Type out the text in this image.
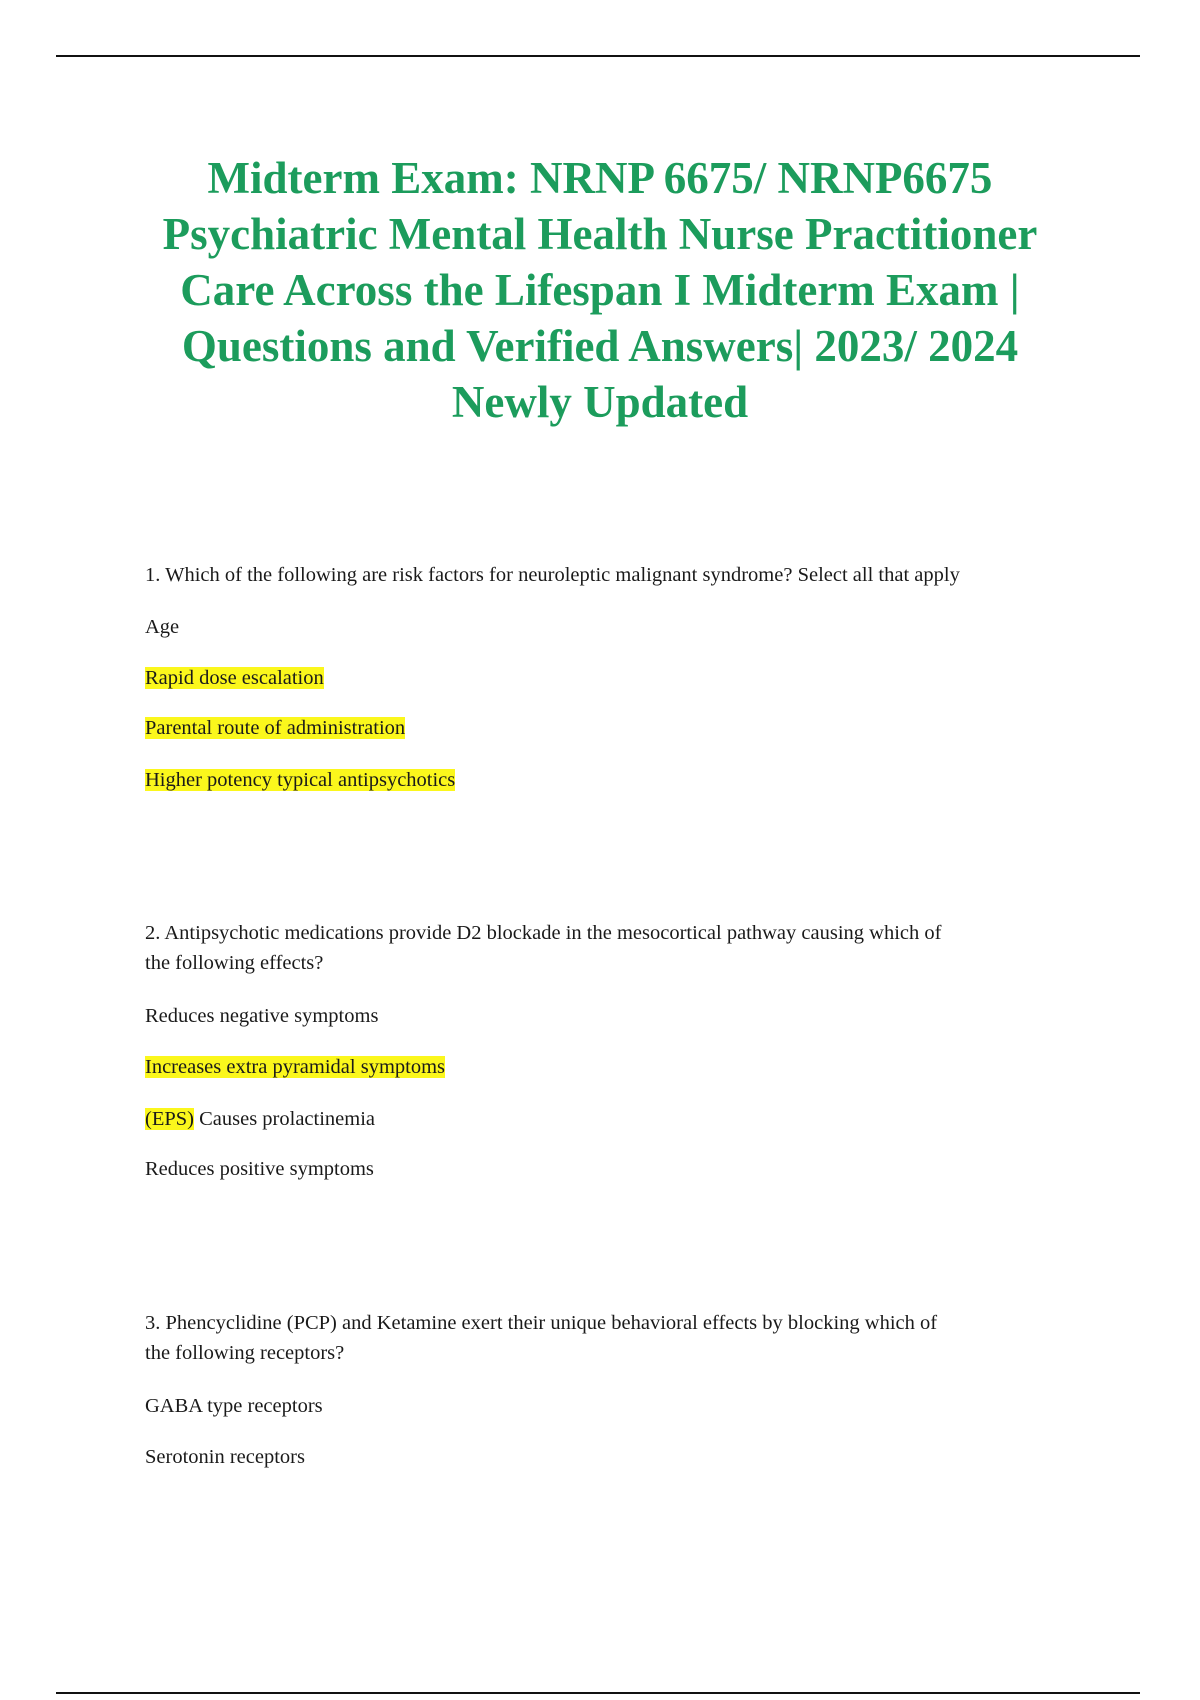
Midterm Exam: NRNP 6675/ NRNP6675
Psychiatric Mental Health Nurse Practitioner
Care Across the Lifespan I Midterm Exam |
Questions and Verified Answers| 2023/ 2024
Newly Updated
1. Which of the following are risk factors for neuroleptic malignant syndrome? Select all that apply
Age
Rapid dose escalation
Parental route of administration
Higher potency typical antipsychotics
2. Antipsychotic medications provide D2 blockade in the mesocortical pathway causing which of
the following effects?
Reduces negative symptoms
Increases extra pyramidal symptoms
(EPS) Causes prolactinemia
Reduces positive symptoms
3. Phencyclidine (PCP) and Ketamine exert their unique behavioral effects by blocking which of
the following receptors?
GABA type receptors
Serotonin receptors
